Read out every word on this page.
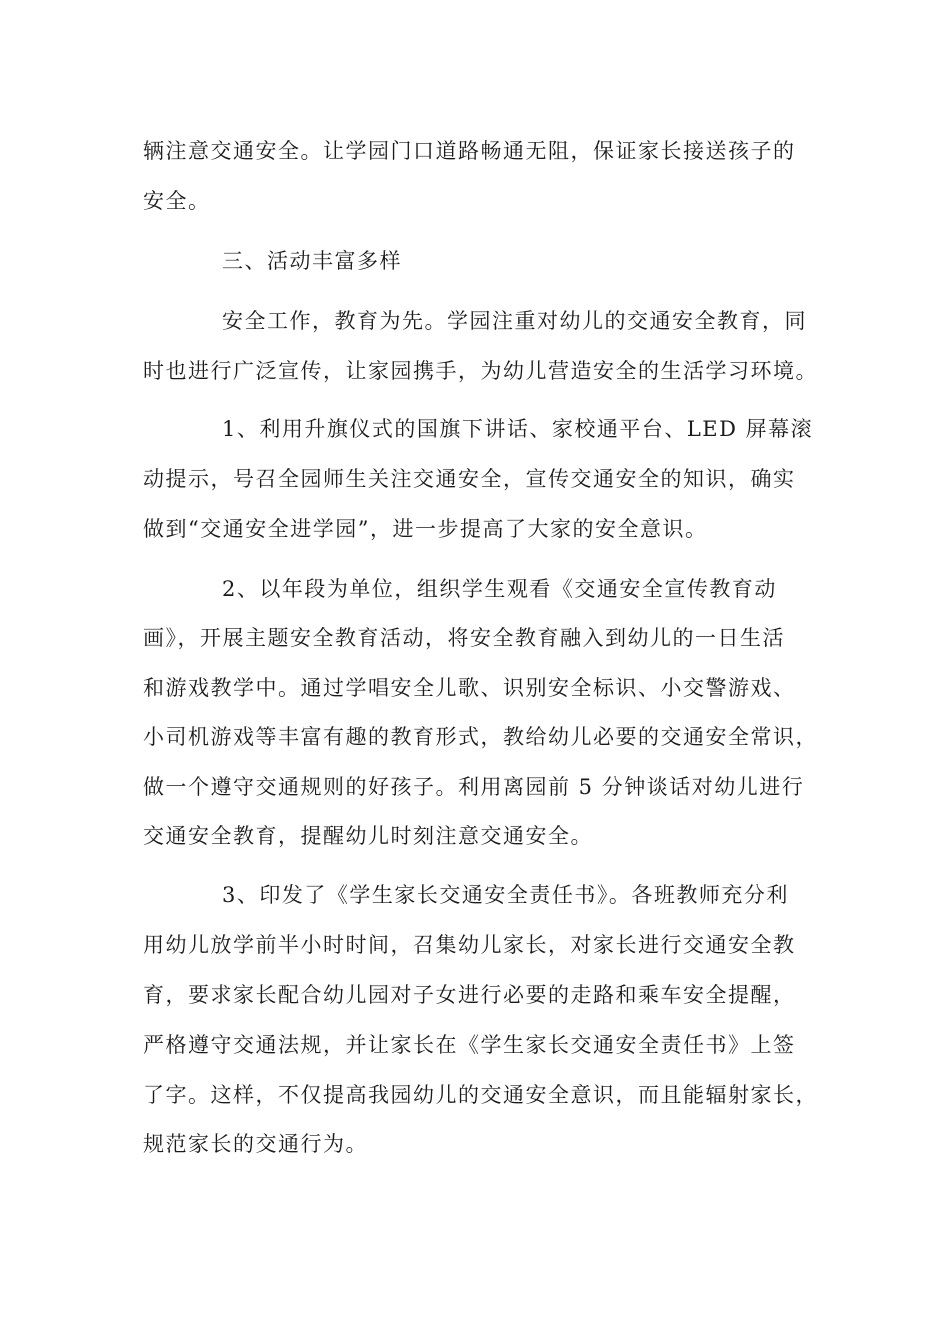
辆注意交通安全。让学园门口道路畅通无阻，保证家长接送孩子的
安全。
三、活动丰富多样
安全工作，教育为先。学园注重对幼儿的交通安全教育，同
时也进行广泛宣传，让家园携手，为幼儿营造安全的生活学习环境。
1、利用升旗仪式的国旗下讲话、家校通平台、LED 屏幕滚
动提示，号召全园师生关注交通安全，宣传交通安全的知识，确实
做到“交通安全进学园”，进一步提高了大家的安全意识。
2、以年段为单位，组织学生观看《交通安全宣传教育动
画》，开展主题安全教育活动，将安全教育融入到幼儿的一日生活
和游戏教学中。通过学唱安全儿歌、识别安全标识、小交警游戏、
小司机游戏等丰富有趣的教育形式，教给幼儿必要的交通安全常识，
做一个遵守交通规则的好孩子。利用离园前 5 分钟谈话对幼儿进行
交通安全教育，提醒幼儿时刻注意交通安全。
3、印发了《学生家长交通安全责任书》。各班教师充分利
用幼儿放学前半小时时间，召集幼儿家长，对家长进行交通安全教
育，要求家长配合幼儿园对子女进行必要的走路和乘车安全提醒，
严格遵守交通法规，并让家长在《学生家长交通安全责任书》上签
了字。这样，不仅提高我园幼儿的交通安全意识，而且能辐射家长，
规范家长的交通行为。
